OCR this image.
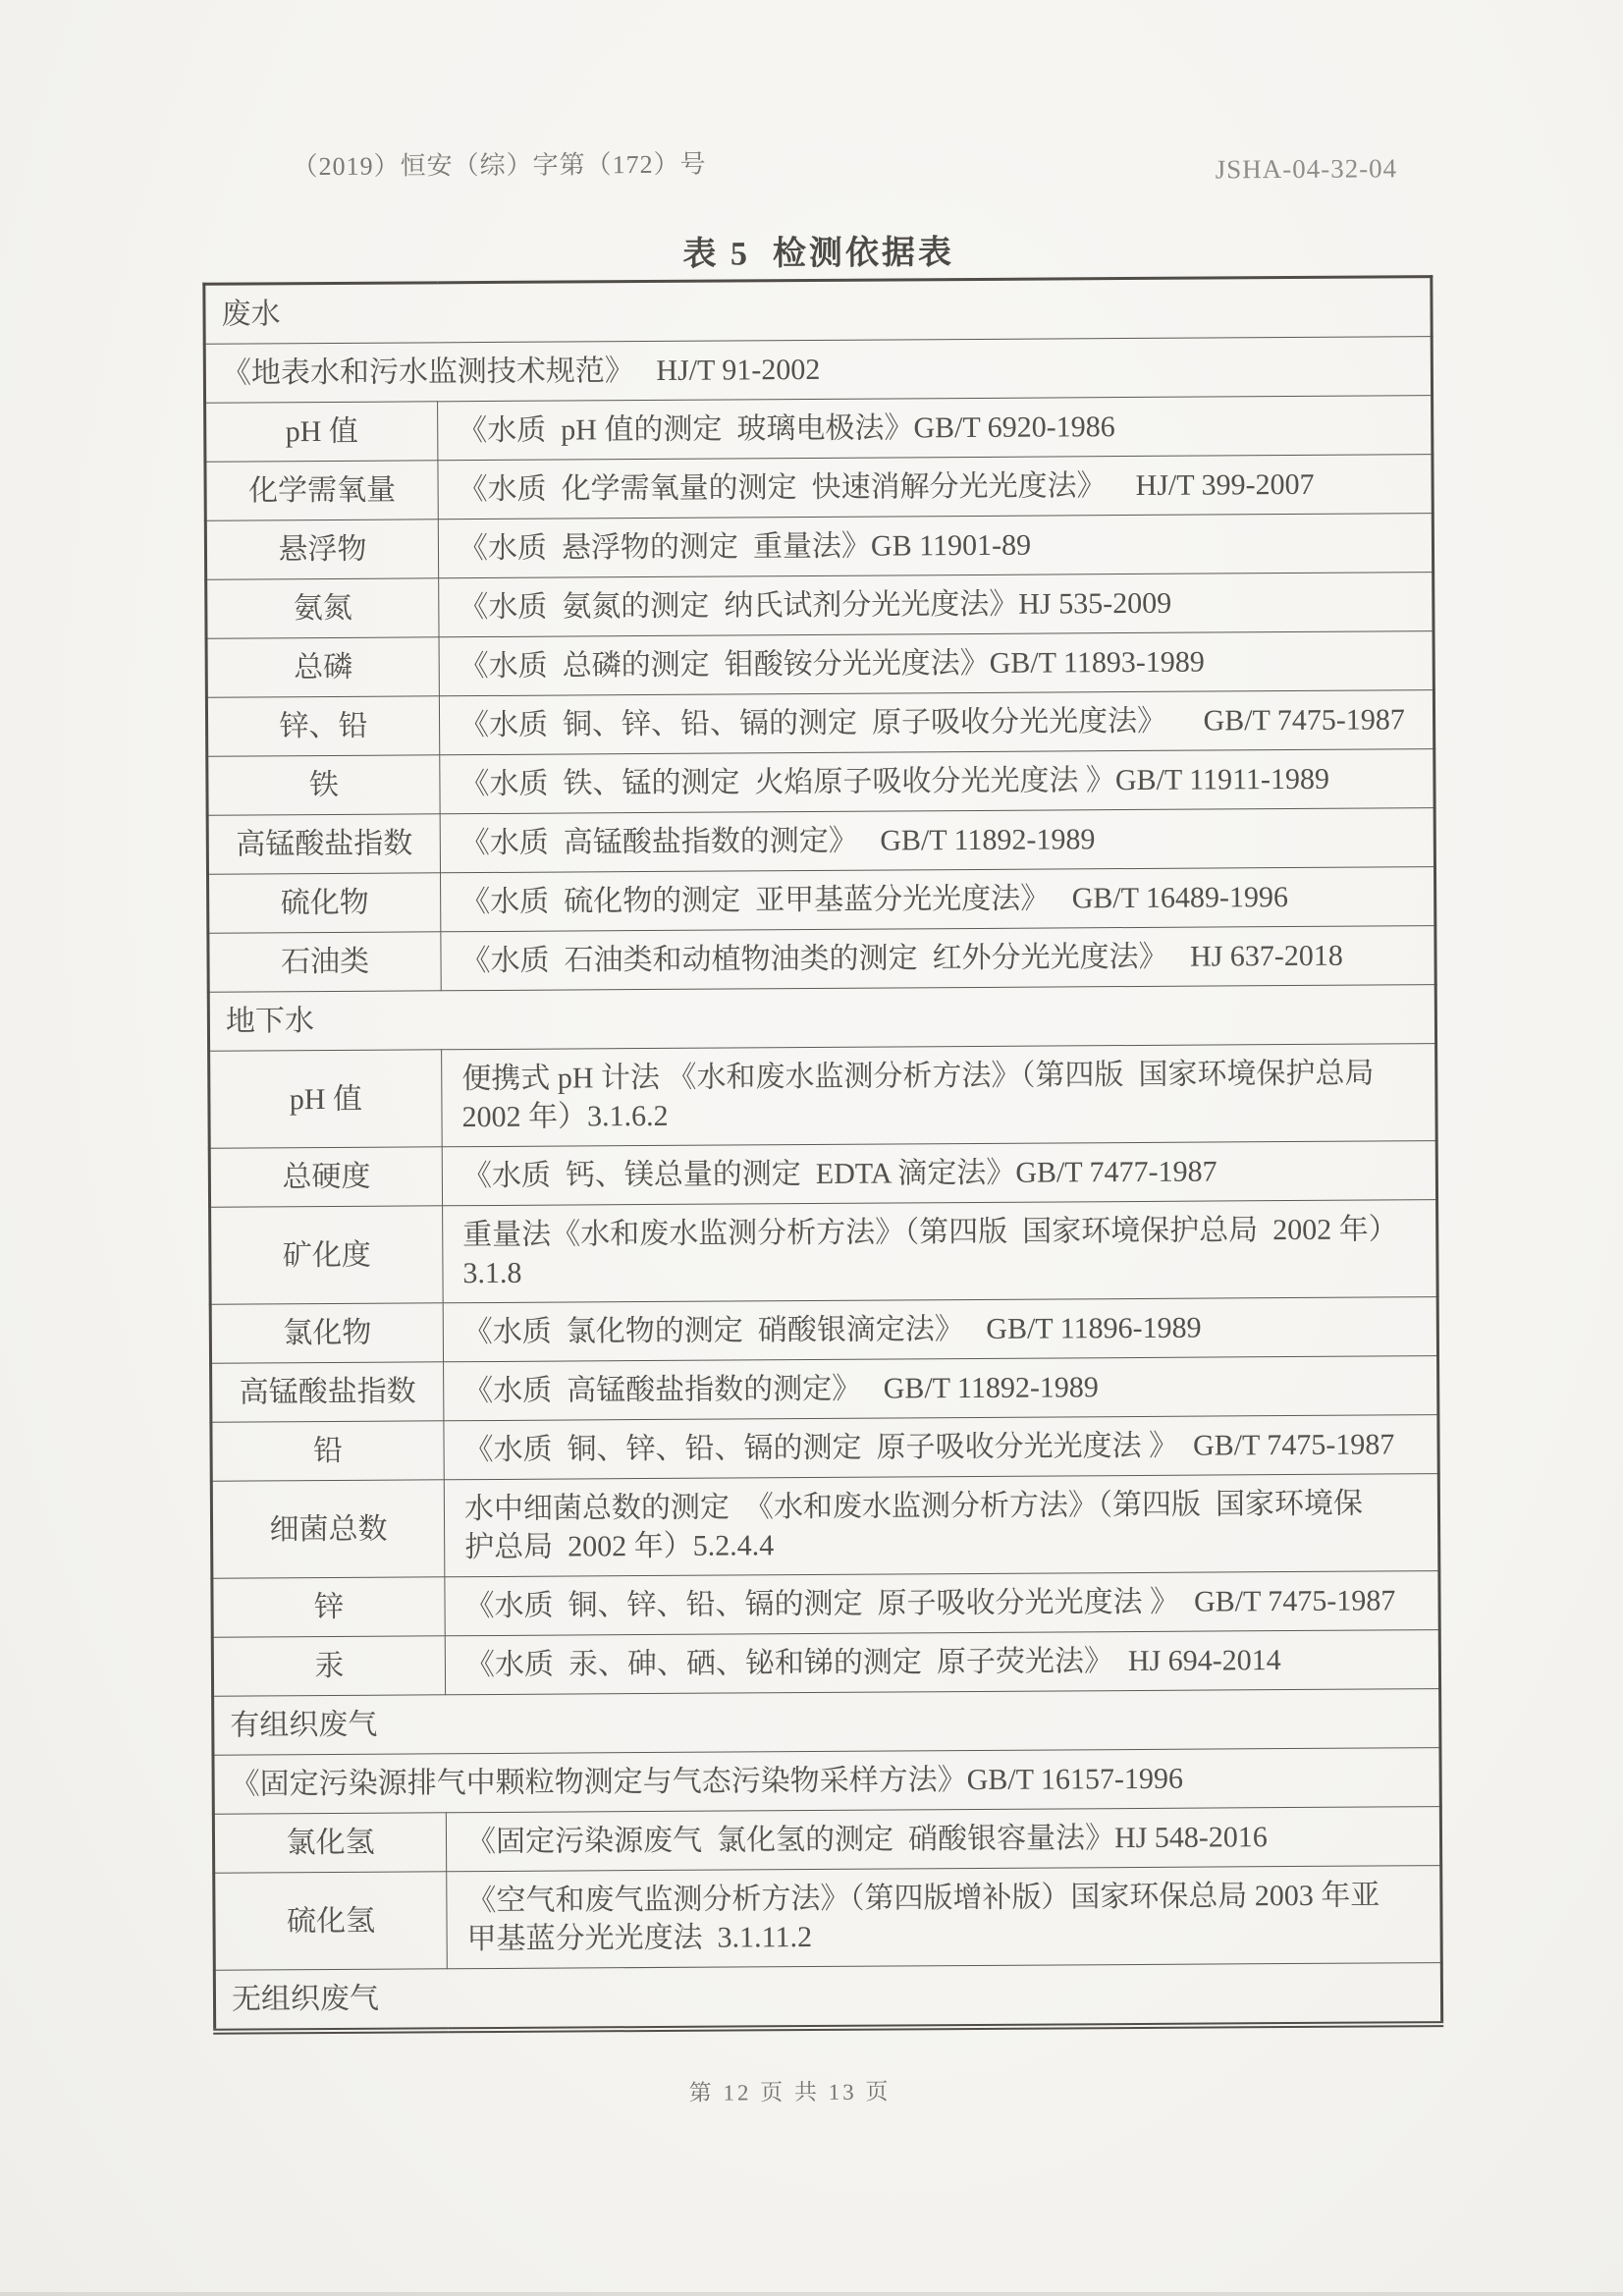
（2019）恒安（综）字第（172）号	JSHA-04-32-04
表 5  检测依据表
废水	
《地表水和污水监测技术规范》   HJ/T 91-2002	
pH 值	《水质  pH 值的测定  玻璃电极法》GB/T 6920-1986
化学需氧量	《水质  化学需氧量的测定  快速消解分光光度法》    HJ/T 399-2007
悬浮物	《水质  悬浮物的测定  重量法》GB 11901-89
氨氮	《水质  氨氮的测定  纳氏试剂分光光度法》HJ 535-2009
总磷	《水质  总磷的测定  钼酸铵分光光度法》GB/T 11893-1989
锌、铅	《水质  铜、锌、铅、镉的测定  原子吸收分光光度法》     GB/T 7475-1987
铁	《水质  铁、锰的测定  火焰原子吸收分光光度法 》GB/T 11911-1989
高锰酸盐指数	《水质  高锰酸盐指数的测定》   GB/T 11892-1989
硫化物	《水质  硫化物的测定  亚甲基蓝分光光度法》   GB/T 16489-1996
石油类	《水质  石油类和动植物油类的测定  红外分光光度法》   HJ 637-2018
地下水	
pH 值	便携式 pH 计法 《水和废水监测分析方法》（第四版  国家环境保护总局
2002 年）3.1.6.2
总硬度	《水质  钙、镁总量的测定  EDTA 滴定法》GB/T 7477-1987
矿化度	重量法《水和废水监测分析方法》（第四版  国家环境保护总局  2002 年）
3.1.8
氯化物	《水质  氯化物的测定  硝酸银滴定法》   GB/T 11896-1989
高锰酸盐指数	《水质  高锰酸盐指数的测定》   GB/T 11892-1989
铅	《水质  铜、锌、铅、镉的测定  原子吸收分光光度法 》  GB/T 7475-1987
细菌总数	水中细菌总数的测定  《水和废水监测分析方法》（第四版  国家环境保
护总局  2002 年）5.2.4.4
锌	《水质  铜、锌、铅、镉的测定  原子吸收分光光度法 》  GB/T 7475-1987
汞	《水质  汞、砷、硒、铋和锑的测定  原子荧光法》  HJ 694-2014
有组织废气	
《固定污染源排气中颗粒物测定与气态污染物采样方法》GB/T 16157-1996	
氯化氢	《固定污染源废气  氯化氢的测定  硝酸银容量法》HJ 548-2016
硫化氢	《空气和废气监测分析方法》（第四版增补版）国家环保总局 2003 年亚
甲基蓝分光光度法  3.1.11.2
无组织废气	
第 12 页 共 13 页
